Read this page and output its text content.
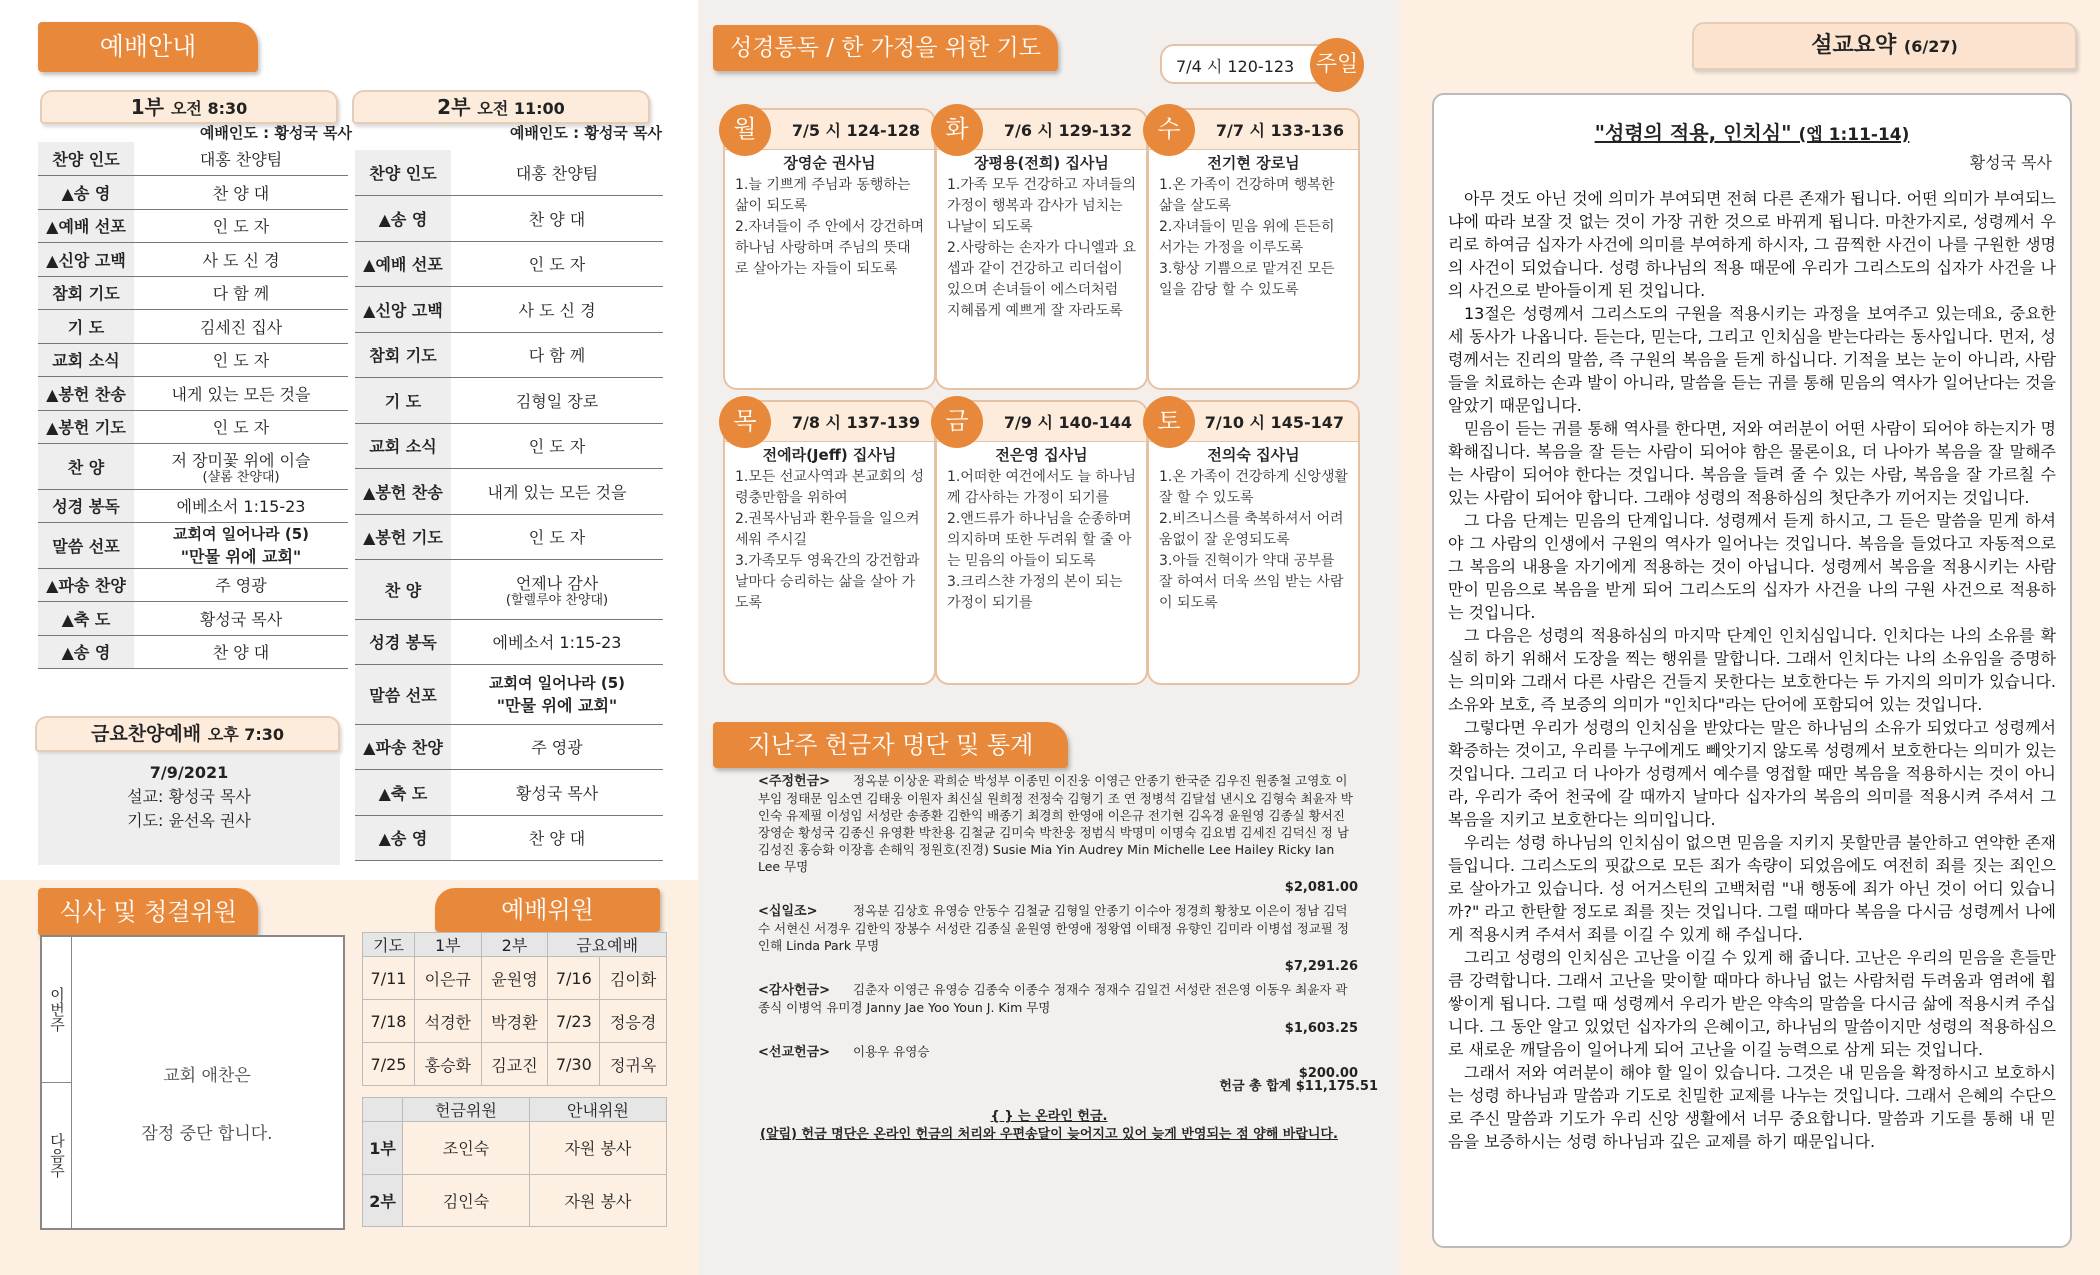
예배안내
1부 오전 8:30
예배인도 : 황성국 목사
찬양 인도	대홍 찬양팀
▲송 영	찬 양 대
▲예배 선포	인 도 자
▲신앙 고백	사 도 신 경
참회 기도	다 함 께
기 도	김세진 집사
교회 소식	인 도 자
▲봉헌 찬송	내게 있는 모든 것을
▲봉헌 기도	인 도 자
찬 양	저 장미꽃 위에 이슬
(샬롬 찬양대)

성경 봉독	에베소서 1:15-23
말씀 선포	교회여 일어나라 (5)
"만물 위에 교회"

▲파송 찬양	주 영광
▲축 도	황성국 목사
▲송 영	찬 양 대
2부 오전 11:00
예배인도 : 황성국 목사
찬양 인도	대홍 찬양팀
▲송 영	찬 양 대
▲예배 선포	인 도 자
▲신앙 고백	사 도 신 경
참회 기도	다 함 께
기 도	김형일 장로
교회 소식	인 도 자
▲봉헌 찬송	내게 있는 모든 것을
▲봉헌 기도	인 도 자
찬 양	언제나 감사
(할렐루야 찬양대)

성경 봉독	에베소서 1:15-23
말씀 선포	교회여 일어나라 (5)
"만물 위에 교회"

▲파송 찬양	주 영광
▲축 도	황성국 목사
▲송 영	찬 양 대
금요찬양예배 오후 7:30
7/9/2021
설교: 황성국 목사
기도: 윤선옥 권사
식사 및 청결위원
이번주
다음주
교회 애찬은
잠정 중단 합니다.
예배위원
기도	1부	2부	금요예배	
7/11	이은규	윤원영	7/16	김이화
7/18	석경한	박경환	7/23	정응경
7/25	홍승화	김교진	7/30	정귀옥
	헌금위원	안내위원
1부	조인숙	자원 봉사
2부	김인숙	자원 봉사
성경통독 / 한 가정을 위한 기도
7/4 시 120-123 주일
7/5 시 124-128
월
장영순 권사님
1.늘 기쁘게 주님과 동행하는 삶이 되도록
2.자녀들이 주 안에서 강건하며 하나님 사랑하며 주님의 뜻대로 살아가는 자들이 되도록
7/6 시 129-132
화
장평용(전희) 집사님
1.가족 모두 건강하고 자녀들의 가정이 행복과 감사가 넘치는 나날이 되도록
2.사랑하는 손자가 다니엘과 요셉과 같이 건강하고 리더쉽이 있으며 손녀들이 에스더처럼 지혜롭게 예쁘게 잘 자라도록
7/7 시 133-136
수
전기현 장로님
1.온 가족이 건강하며 행복한 삶을 살도록
2.자녀들이 믿음 위에 든든히 서가는 가정을 이루도록
3.항상 기쁨으로 맡겨진 모든 일을 감당 할 수 있도록
7/8 시 137-139
목
전에라(Jeff) 집사님
1.모든 선교사역과 본교회의 성령충만함을 위하여
2.권목사님과 환우들을 일으켜 세워 주시길
3.가족모두 영육간의 강건함과 날마다 승리하는 삶을 살아 가도록
7/9 시 140-144
금
전은영 집사님
1.어떠한 여건에서도 늘 하나님께 감사하는 가정이 되기를
2.앤드류가 하나님을 순종하며 의지하며 또한 두려워 할 줄 아는 믿음의 아들이 되도록
3.크리스챤 가정의 본이 되는 가정이 되기를
7/10 시 145-147
토
전의숙 집사님
1.온 가족이 건강하게 신앙생활 잘 할 수 있도록
2.비즈니스를 축복하셔서 어려움없이 잘 운영되도록
3.아들 진혁이가 약대 공부를 잘 하여서 더욱 쓰임 받는 사람이 되도록
지난주 헌금자 명단 및 통계
<주정헌금> 정옥분 이상운 곽희순 박성부 이종민 이진웅 이영근 안종기 한국준 김우진 원종철 고영호 이부임 정태문 임소연 김태웅 이원자 최신실 원희정 전정숙 김형기 조 연 정병석 김달섭 낸시오 김형숙 최윤자 박인숙 유제필 이성임 서성란 송종환 김한익 배종기 최경희 한영애 이은규 전기현 김옥경 윤원영 김종실 황서진 장영순 황성국 김종신 유영환 박찬용 김철균 김미숙 박찬웅 정범식 박명미 이명숙 김요범 김세진 김덕신 정 남 김성진 홍승화 이장흠 손해익 정원호(진경) Susie Mia Yin Audrey Min Michelle Lee Hailey Ricky Ian Lee 무명
$2,081.00
<십일조>	정옥분 김상호 유영승 안동수 김철균 김형일 안종기 이수아 정경희 황창모 이은이 정남 김덕수 서현신 서경우 김한익 장봉수 서성란 김종실 윤원영 한영애 정왕엽 이태정 유향인 김미라 이병섭 정교필 정인해 Linda Park 무명
$7,291.26
<감사헌금> 김춘자 이영근 유영승 김종숙 이종수 정재수 정재수 김일건 서성란 전은영 이동우 최윤자 곽종식 이병억 유미경 Janny Jae Yoo Youn J. Kim 무명
$1,603.25
<선교헌금> 이용우 유영승
$200.00
헌금 총 합계 $11,175.51
{ } 는 온라인 헌금.
(알림) 헌금 명단은 온라인 헌금의 처리와 우편송달이 늦어지고 있어 늦게 반영되는 점 양해 바랍니다.
설교요약 (6/27)
"성령의 적용, 인치심" (엡 1:11-14)
황성국 목사

아무 것도 아닌 것에 의미가 부여되면 전혀 다른 존재가 됩니다. 어떤 의미가 부여되느냐에 따라 보잘 것 없는 것이 가장 귀한 것으로 바뀌게 됩니다. 마찬가지로, 성령께서 우리로 하여금 십자가 사건에 의미를 부여하게 하시자, 그 끔찍한 사건이 나를 구원한 생명의 사건이 되었습니다. 성령 하나님의 적용 때문에 우리가 그리스도의 십자가 사건을 나의 사건으로 받아들이게 된 것입니다.

13절은 성령께서 그리스도의 구원을 적용시키는 과정을 보여주고 있는데요, 중요한 세 동사가 나옵니다. 듣는다, 믿는다, 그리고 인치심을 받는다라는 동사입니다. 먼저, 성령께서는 진리의 말씀, 즉 구원의 복음을 듣게 하십니다. 기적을 보는 눈이 아니라, 사람들을 치료하는 손과 발이 아니라, 말씀을 듣는 귀를 통해 믿음의 역사가 일어난다는 것을 알았기 때문입니다.

믿음이 듣는 귀를 통해 역사를 한다면, 저와 여러분이 어떤 사람이 되어야 하는지가 명확해집니다. 복음을 잘 듣는 사람이 되어야 함은 물론이요, 더 나아가 복음을 잘 말해주는 사람이 되어야 한다는 것입니다. 복음을 들려 줄 수 있는 사람, 복음을 잘 가르칠 수 있는 사람이 되어야 합니다. 그래야 성령의 적용하심의 첫단추가 끼어지는 것입니다.

그 다음 단계는 믿음의 단계입니다. 성령께서 듣게 하시고, 그 듣은 말씀을 믿게 하셔야 그 사람의 인생에서 구원의 역사가 일어나는 것입니다. 복음을 들었다고 자동적으로 그 복음의 내용을 자기에게 적용하는 것이 아닙니다. 성령께서 복음을 적용시키는 사람만이 믿음으로 복음을 받게 되어 그리스도의 십자가 사건을 나의 구원 사건으로 적용하는 것입니다.

그 다음은 성령의 적용하심의 마지막 단계인 인치심입니다. 인치다는 나의 소유를 확실히 하기 위해서 도장을 찍는 행위를 말합니다. 그래서 인치다는 나의 소유임을 증명하는 의미와 그래서 다른 사람은 건들지 못한다는 보호한다는 두 가지의 의미가 있습니다. 소유와 보호, 즉 보증의 의미가 "인치다"라는 단어에 포함되어 있는 것입니다.

그렇다면 우리가 성령의 인치심을 받았다는 말은 하나님의 소유가 되었다고 성령께서 확증하는 것이고, 우리를 누구에게도 빼앗기지 않도록 성령께서 보호한다는 의미가 있는 것입니다. 그리고 더 나아가 성령께서 예수를 영접할 때만 복음을 적용하시는 것이 아니라, 우리가 죽어 천국에 갈 때까지 날마다 십자가의 복음의 의미를 적용시켜 주셔서 그 복음을 지키고 보호한다는 의미입니다.

우리는 성령 하나님의 인치심이 없으면 믿음을 지키지 못할만큼 불안하고 연약한 존재들입니다. 그리스도의 핏값으로 모든 죄가 속량이 되었음에도 여전히 죄를 짓는 죄인으로 살아가고 있습니다. 성 어거스틴의 고백처럼 "내 행동에 죄가 아닌 것이 어디 있습니까?" 라고 한탄할 정도로 죄를 짓는 것입니다. 그럴 때마다 복음을 다시금 성령께서 나에게 적용시켜 주셔서 죄를 이길 수 있게 해 주십니다.

그리고 성령의 인치심은 고난을 이길 수 있게 해 줍니다. 고난은 우리의 믿음을 흔들만큼 강력합니다. 그래서 고난을 맞이할 때마다 하나님 없는 사람처럼 두려움과 염려에 휩쌓이게 됩니다. 그럴 때 성령께서 우리가 받은 약속의 말씀을 다시금 삶에 적용시켜 주십니다. 그 동안 알고 있었던 십자가의 은혜이고, 하나님의 말씀이지만 성령의 적용하심으로 새로운 깨달음이 일어나게 되어 고난을 이길 능력으로 삼게 되는 것입니다.

그래서 저와 여러분이 해야 할 일이 있습니다. 그것은 내 믿음을 확정하시고 보호하시는 성령 하나님과 말씀과 기도로 친밀한 교제를 나누는 것입니다. 그래서 은혜의 수단으로 주신 말씀과 기도가 우리 신앙 생활에서 너무 중요합니다. 말씀과 기도를 통해 내 믿음을 보증하시는 성령 하나님과 깊은 교제를 하기 때문입니다.
